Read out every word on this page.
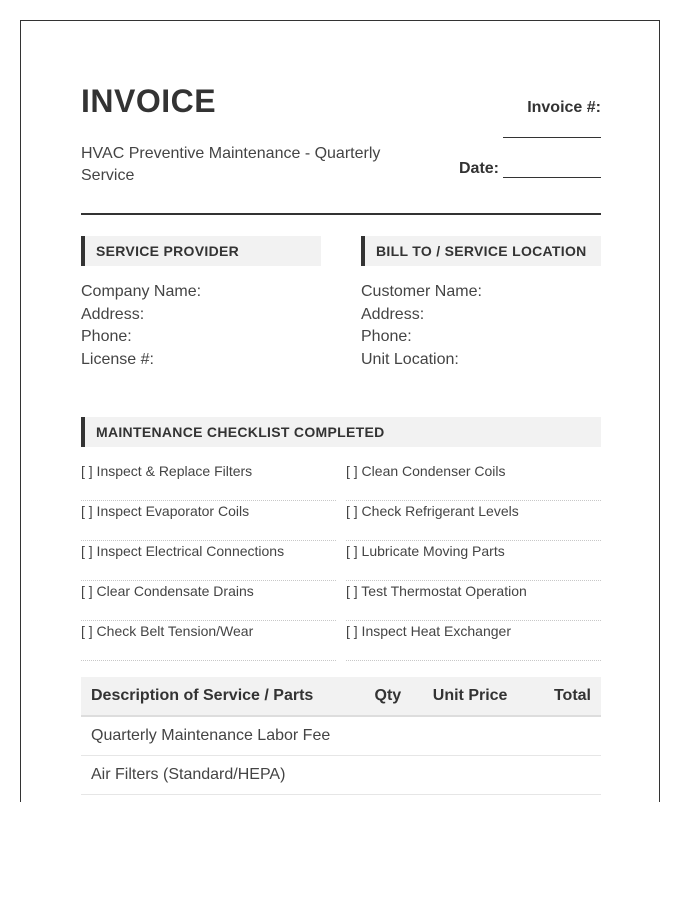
INVOICE
HVAC Preventive Maintenance - Quarterly Service
Invoice #:
Date:
SERVICE PROVIDER
Company Name:
Address:
Phone:
License #:
BILL TO / SERVICE LOCATION
Customer Name:
Address:
Phone:
Unit Location:
MAINTENANCE CHECKLIST COMPLETED
[ ] Inspect & Replace Filters	[ ] Clean Condenser Coils
[ ] Inspect Evaporator Coils	[ ] Check Refrigerant Levels
[ ] Inspect Electrical Connections	[ ] Lubricate Moving Parts
[ ] Clear Condensate Drains	[ ] Test Thermostat Operation
[ ] Check Belt Tension/Wear	[ ] Inspect Heat Exchanger
Description of Service / Parts	Qty	Unit Price	Total
Quarterly Maintenance Labor Fee			
Air Filters (Standard/HEPA)			
